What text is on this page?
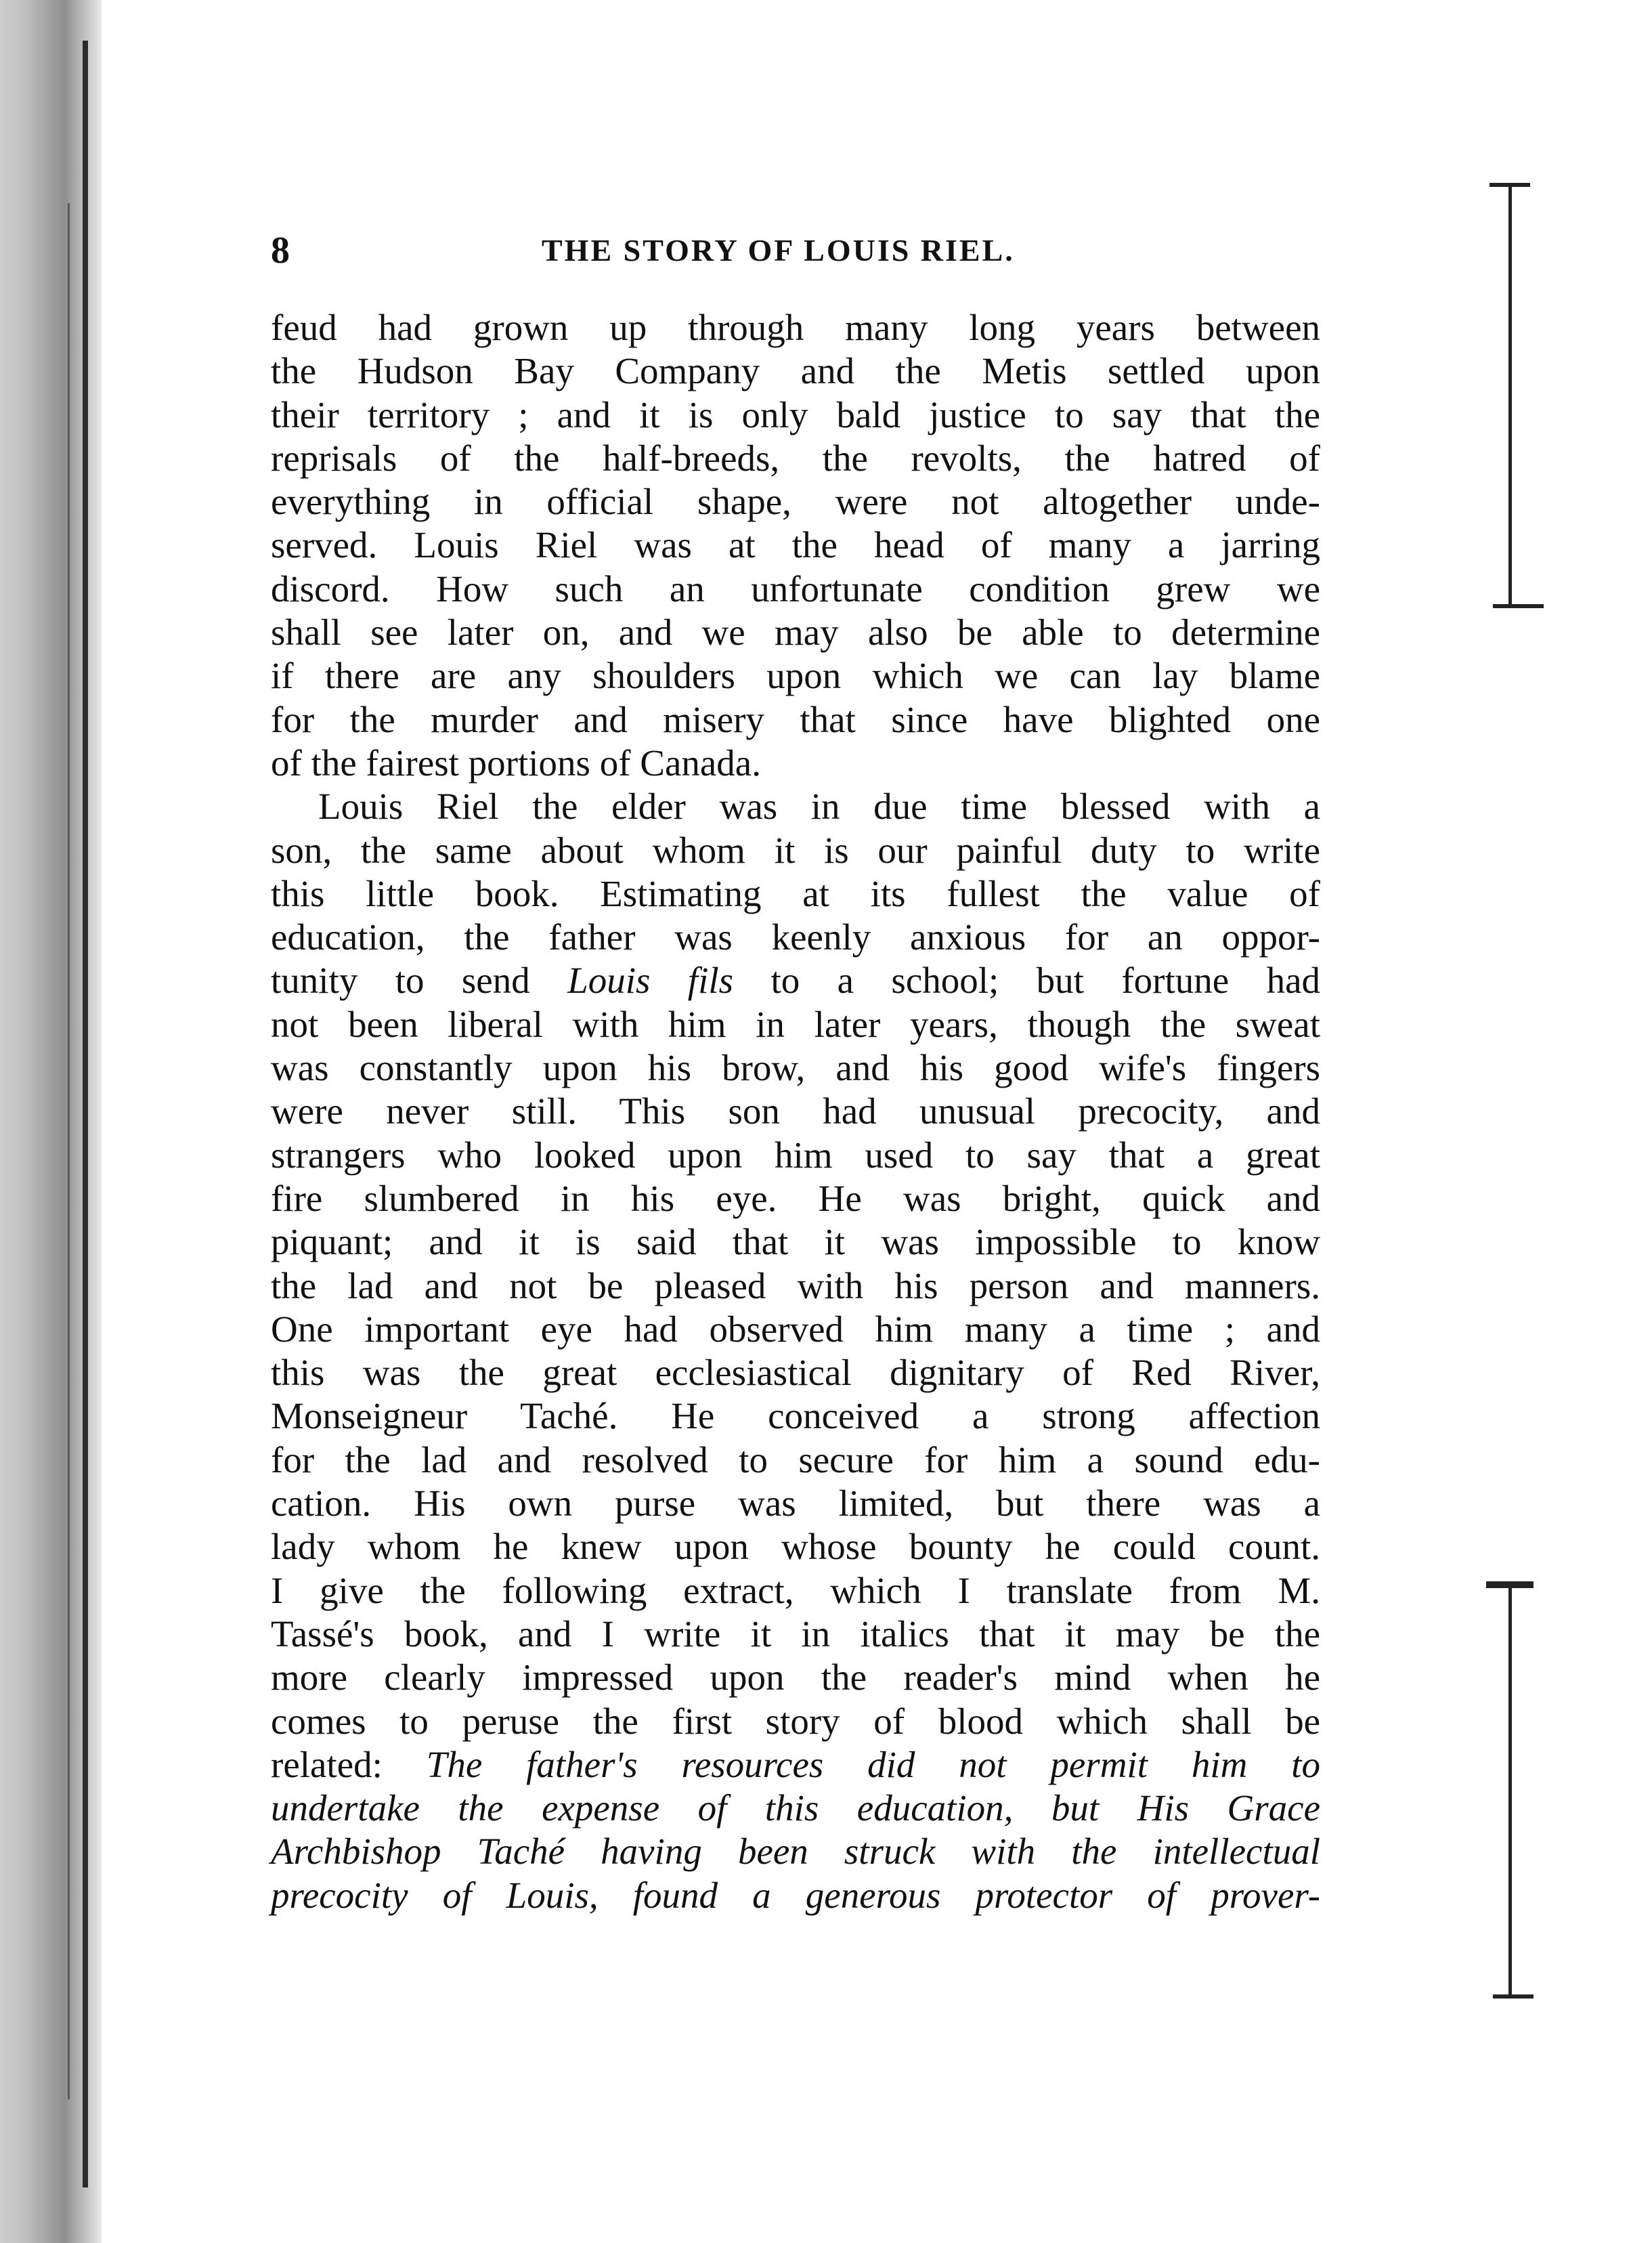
8	THE STORY OF LOUIS RIEL.
feud had grown up through many long years between
the Hudson Bay Company and the Metis settled upon
their territory ; and it is only bald justice to say that the
reprisals of the half-breeds, the revolts, the hatred of
everything in official shape, were not altogether unde-
served. Louis Riel was at the head of many a jarring
discord. How such an unfortunate condition grew we
shall see later on, and we may also be able to determine
if there are any shoulders upon which we can lay blame
for the murder and misery that since have blighted one
of the fairest portions of Canada.
Louis Riel the elder was in due time blessed with a
son, the same about whom it is our painful duty to write
this little book. Estimating at its fullest the value of
education, the father was keenly anxious for an oppor-
tunity to send Louis fils to a school; but fortune had
not been liberal with him in later years, though the sweat
was constantly upon his brow, and his good wife's fingers
were never still. This son had unusual precocity, and
strangers who looked upon him used to say that a great
fire slumbered in his eye. He was bright, quick and
piquant; and it is said that it was impossible to know
the lad and not be pleased with his person and manners.
One important eye had observed him many a time ; and
this was the great ecclesiastical dignitary of Red River,
Monseigneur Taché. He conceived a strong affection
for the lad and resolved to secure for him a sound edu-
cation. His own purse was limited, but there was a
lady whom he knew upon whose bounty he could count.
I give the following extract, which I translate from M.
Tassé's book, and I write it in italics that it may be the
more clearly impressed upon the reader's mind when he
comes to peruse the first story of blood which shall be
related: The father's resources did not permit him to
undertake the expense of this education, but His Grace
Archbishop Taché having been struck with the intellectual
precocity of Louis, found a generous protector of prover-
